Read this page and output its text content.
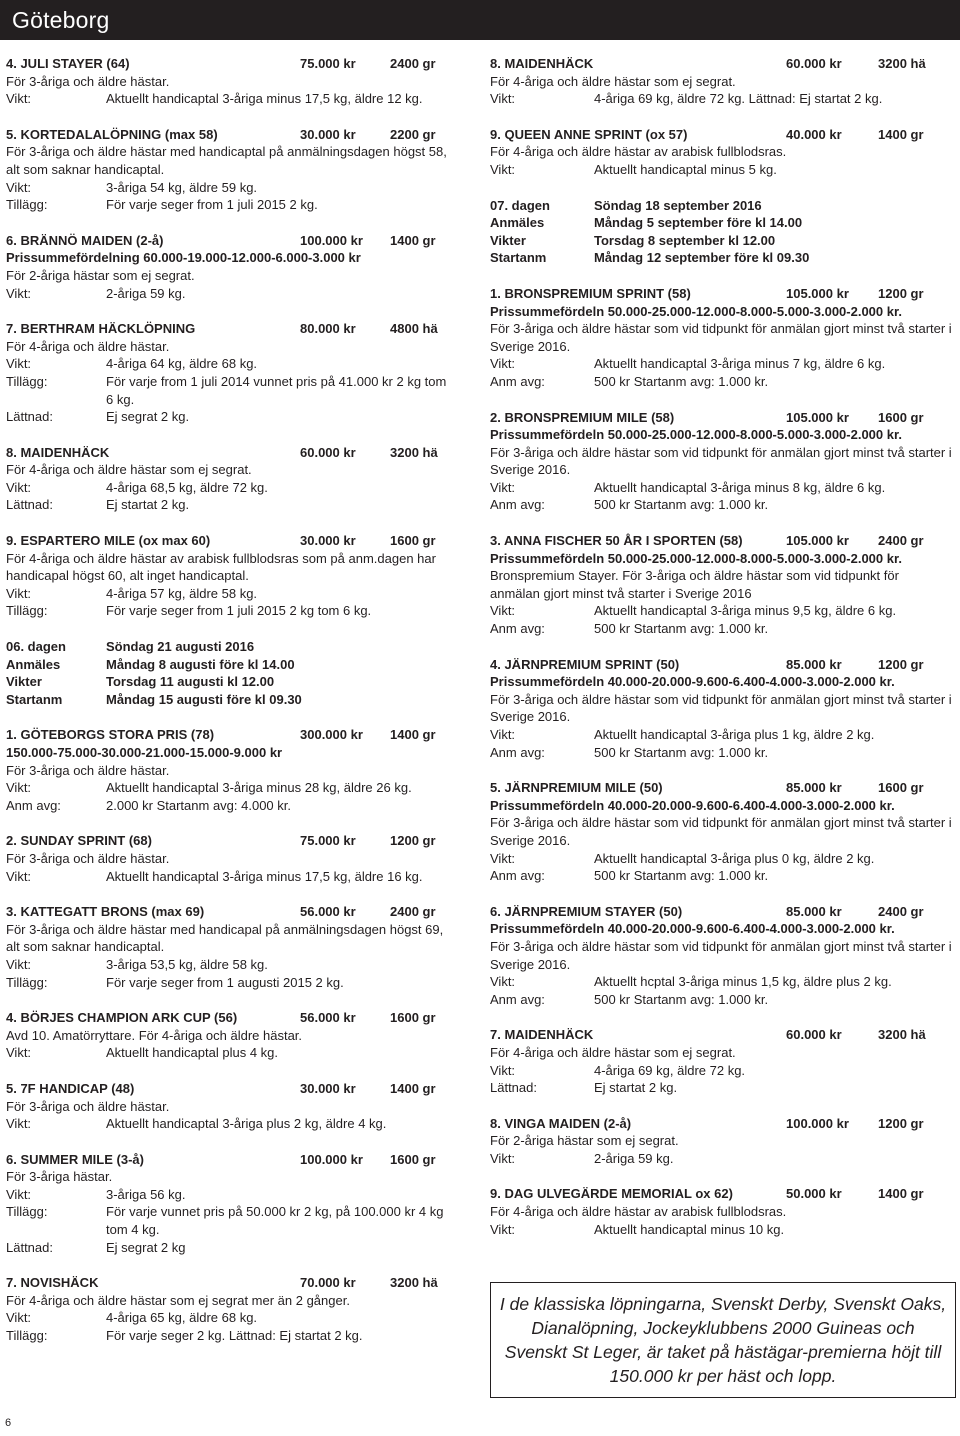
Göteborg
4. JULI STAYER (64)	75.000 kr	2400 gr
För 3-åriga och äldre hästar.
Vikt:	Aktuellt handicaptal 3-åriga minus 17,5 kg, äldre 12 kg.
5. KORTEDALALÖPNING (max 58)	30.000 kr	2200 gr
För 3-åriga och äldre hästar med handicaptal på anmälningsdagen högst 58, alt som saknar handicaptal.
Vikt:	3-åriga 54 kg, äldre 59 kg.
Tillägg:	För varje seger from 1 juli 2015 2 kg.
6. BRÄNNÖ MAIDEN (2-å)	100.000 kr 1400 gr
Prissummefördelning 60.000-19.000-12.000-6.000-3.000 kr
För 2-åriga hästar som ej segrat.
Vikt:	2-åriga 59 kg.
7. BERTHRAM HÄCKLÖPNING	80.000 kr	4800 hä
För 4-åriga och äldre hästar.
Vikt:	4-åriga 64 kg, äldre 68 kg.
Tillägg:	För varje from 1 juli 2014 vunnet pris på 41.000 kr 2 kg tom 6 kg.
Lättnad:	Ej segrat 2 kg.
8. MAIDENHÄCK	60.000 kr	3200 hä
För 4-åriga och äldre hästar som ej segrat.
Vikt:	4-åriga 68,5 kg, äldre 72 kg.
Lättnad:	Ej startat 2 kg.
9. ESPARTERO MILE (ox max 60)	30.000 kr	1600 gr
För 4-åriga och äldre hästar av arabisk fullblodsras som på anm.dagen har handicapal högst 60, alt inget handicaptal.
Vikt:	4-åriga 57 kg, äldre 58 kg.
Tillägg:	För varje seger from 1 juli 2015 2 kg tom 6 kg.
06. dagen	Söndag 21 augusti 2016
Anmäles	Måndag 8 augusti före kl 14.00
Vikter	Torsdag 11 augusti kl 12.00
Startanm	Måndag 15 augusti före kl 09.30
1. GÖTEBORGS STORA PRIS (78)	300.000 kr 1400 gr
150.000-75.000-30.000-21.000-15.000-9.000 kr
För 3-åriga och äldre hästar.
Vikt:	Aktuellt handicaptal 3-åriga minus 28 kg, äldre 26 kg.
Anm avg:	2.000 kr Startanm avg: 4.000 kr.
2. SUNDAY SPRINT (68)	75.000 kr	1200 gr
För 3-åriga och äldre hästar.
Vikt:	Aktuellt handicaptal 3-åriga minus 17,5 kg, äldre 16 kg.
3. KATTEGATT BRONS (max 69)	56.000 kr	2400 gr
För 3-åriga och äldre hästar med handicapal på anmälningsdagen högst 69, alt som saknar handicaptal.
Vikt:	3-åriga 53,5 kg, äldre 58 kg.
Tillägg:	För varje seger from 1 augusti 2015 2 kg.
4. BÖRJES CHAMPION ARK CUP (56)	56.000 kr	1600 gr
Avd 10. Amatörryttare. För 4-åriga och äldre hästar.
Vikt:	Aktuellt handicaptal plus 4 kg.
5. 7F HANDICAP (48)	30.000 kr	1400 gr
För 3-åriga och äldre hästar.
Vikt:	Aktuellt handicaptal 3-åriga plus 2 kg, äldre 4 kg.
6. SUMMER MILE (3-å)	100.000 kr 1600 gr
För 3-åriga hästar.
Vikt:	3-åriga 56 kg.
Tillägg:	För varje vunnet pris på 50.000 kr 2 kg, på 100.000 kr 4 kg tom 4 kg.
Lättnad:	Ej segrat 2 kg
7. NOVISHÄCK	70.000 kr	3200 hä
För 4-åriga och äldre hästar som ej segrat mer än 2 gånger.
Vikt:	4-åriga 65 kg, äldre 68 kg.
Tillägg:	För varje seger 2 kg. Lättnad: Ej startat 2 kg.
8. MAIDENHÄCK	60.000 kr	3200 hä
För 4-åriga och äldre hästar som ej segrat.
Vikt:	4-åriga 69 kg, äldre 72 kg. Lättnad: Ej startat 2 kg.
9. QUEEN ANNE SPRINT (ox 57)	40.000 kr	1400 gr
För 4-åriga och äldre hästar av arabisk fullblodsras.
Vikt:	Aktuellt handicaptal minus 5 kg.
07. dagen	Söndag 18 september 2016
Anmäles	Måndag 5 september före kl 14.00
Vikter	Torsdag 8 september kl 12.00
Startanm	Måndag 12 september före kl 09.30
1. BRONSPREMIUM SPRINT (58)	105.000 kr 1200 gr
Prissummefördeln 50.000-25.000-12.000-8.000-5.000-3.000-2.000 kr.
För 3-åriga och äldre hästar som vid tidpunkt för anmälan gjort minst två starter i Sverige 2016.
Vikt:	Aktuellt handicaptal 3-åriga minus 7 kg, äldre 6 kg.
Anm avg:	500 kr Startanm avg: 1.000 kr.
2. BRONSPREMIUM MILE (58)	105.000 kr 1600 gr
Prissummefördeln 50.000-25.000-12.000-8.000-5.000-3.000-2.000 kr.
För 3-åriga och äldre hästar som vid tidpunkt för anmälan gjort minst två starter i Sverige 2016.
Vikt:	Aktuellt handicaptal 3-åriga minus 8 kg, äldre 6 kg.
Anm avg:	500 kr Startanm avg: 1.000 kr.
3. ANNA FISCHER 50 ÅR I SPORTEN (58)	105.000 kr 2400 gr
Prissummefördeln 50.000-25.000-12.000-8.000-5.000-3.000-2.000 kr.
Bronspremium Stayer. För 3-åriga och äldre hästar som vid tidpunkt för anmälan gjort minst två starter i Sverige 2016
Vikt:	Aktuellt handicaptal 3-åriga minus 9,5 kg, äldre 6 kg.
Anm avg:	500 kr Startanm avg: 1.000 kr.
4. JÄRNPREMIUM SPRINT (50)	85.000 kr	1200 gr
Prissummefördeln 40.000-20.000-9.600-6.400-4.000-3.000-2.000 kr.
För 3-åriga och äldre hästar som vid tidpunkt för anmälan gjort minst två starter i Sverige 2016.
Vikt:	Aktuellt handicaptal 3-åriga plus 1 kg, äldre 2 kg.
Anm avg:	500 kr Startanm avg: 1.000 kr.
5. JÄRNPREMIUM MILE (50)	85.000 kr	1600 gr
Prissummefördeln 40.000-20.000-9.600-6.400-4.000-3.000-2.000 kr.
För 3-åriga och äldre hästar som vid tidpunkt för anmälan gjort minst två starter i Sverige 2016.
Vikt:	Aktuellt handicaptal 3-åriga plus 0 kg, äldre 2 kg.
Anm avg:	500 kr Startanm avg: 1.000 kr.
6. JÄRNPREMIUM STAYER (50)	85.000 kr	2400 gr
Prissummefördeln 40.000-20.000-9.600-6.400-4.000-3.000-2.000 kr.
För 3-åriga och äldre hästar som vid tidpunkt för anmälan gjort minst två starter i Sverige 2016.
Vikt:	Aktuellt hcptal 3-åriga minus 1,5 kg, äldre plus 2 kg.
Anm avg:	500 kr Startanm avg: 1.000 kr.
7. MAIDENHÄCK	60.000 kr	3200 hä
För 4-åriga och äldre hästar som ej segrat.
Vikt:	4-åriga 69 kg, äldre 72 kg.
Lättnad:	Ej startat 2 kg.
8. VINGA MAIDEN (2-å)	100.000 kr 1200 gr
För 2-åriga hästar som ej segrat.
Vikt:	2-åriga 59 kg.
9. DAG ULVEGÄRDE MEMORIAL ox 62)	50.000 kr	1400 gr
För 4-åriga och äldre hästar av arabisk fullblodsras.
Vikt:	Aktuellt handicaptal minus 10 kg.

I de klassiska löpningarna, Svenskt Derby, Svenskt Oaks, Dianalöpning, Jockeyklubbens 2000 Guineas och Svenskt St Leger, är taket på hästägar-premierna höjt till 150.000 kr per häst och lopp.

6
